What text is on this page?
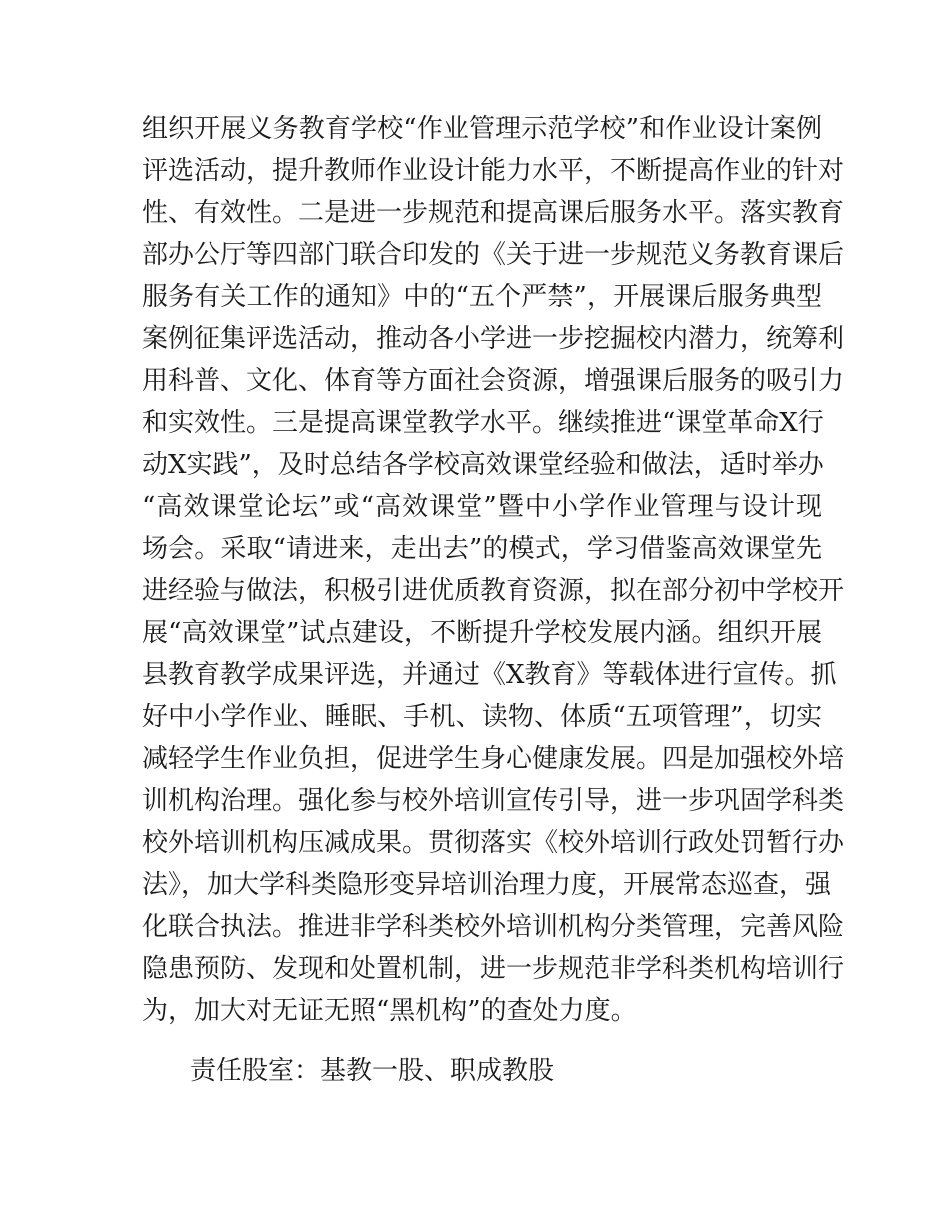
组织开展义务教育学校“作业管理示范学校”和作业设计案例
评选活动，提升教师作业设计能力水平，不断提高作业的针对
性、有效性。二是进一步规范和提高课后服务水平。落实教育
部办公厅等四部门联合印发的《关于进一步规范义务教育课后
服务有关工作的通知》中的“五个严禁”，开展课后服务典型
案例征集评选活动，推动各小学进一步挖掘校内潜力，统筹利
用科普、文化、体育等方面社会资源，增强课后服务的吸引力
和实效性。三是提高课堂教学水平。继续推进“课堂革命X行
动X实践”，及时总结各学校高效课堂经验和做法，适时举办
“高效课堂论坛”或“高效课堂”暨中小学作业管理与设计现
场会。采取“请进来，走出去”的模式，学习借鉴高效课堂先
进经验与做法，积极引进优质教育资源，拟在部分初中学校开
展“高效课堂”试点建设，不断提升学校发展内涵。组织开展
县教育教学成果评选，并通过《X教育》等载体进行宣传。抓
好中小学作业、睡眠、手机、读物、体质“五项管理”，切实
减轻学生作业负担，促进学生身心健康发展。四是加强校外培
训机构治理。强化参与校外培训宣传引导，进一步巩固学科类
校外培训机构压减成果。贯彻落实《校外培训行政处罚暂行办
法》，加大学科类隐形变异培训治理力度，开展常态巡查，强
化联合执法。推进非学科类校外培训机构分类管理，完善风险
隐患预防、发现和处置机制，进一步规范非学科类机构培训行
为，加大对无证无照“黑机构”的查处力度。
责任股室：基教一股、职成教股
